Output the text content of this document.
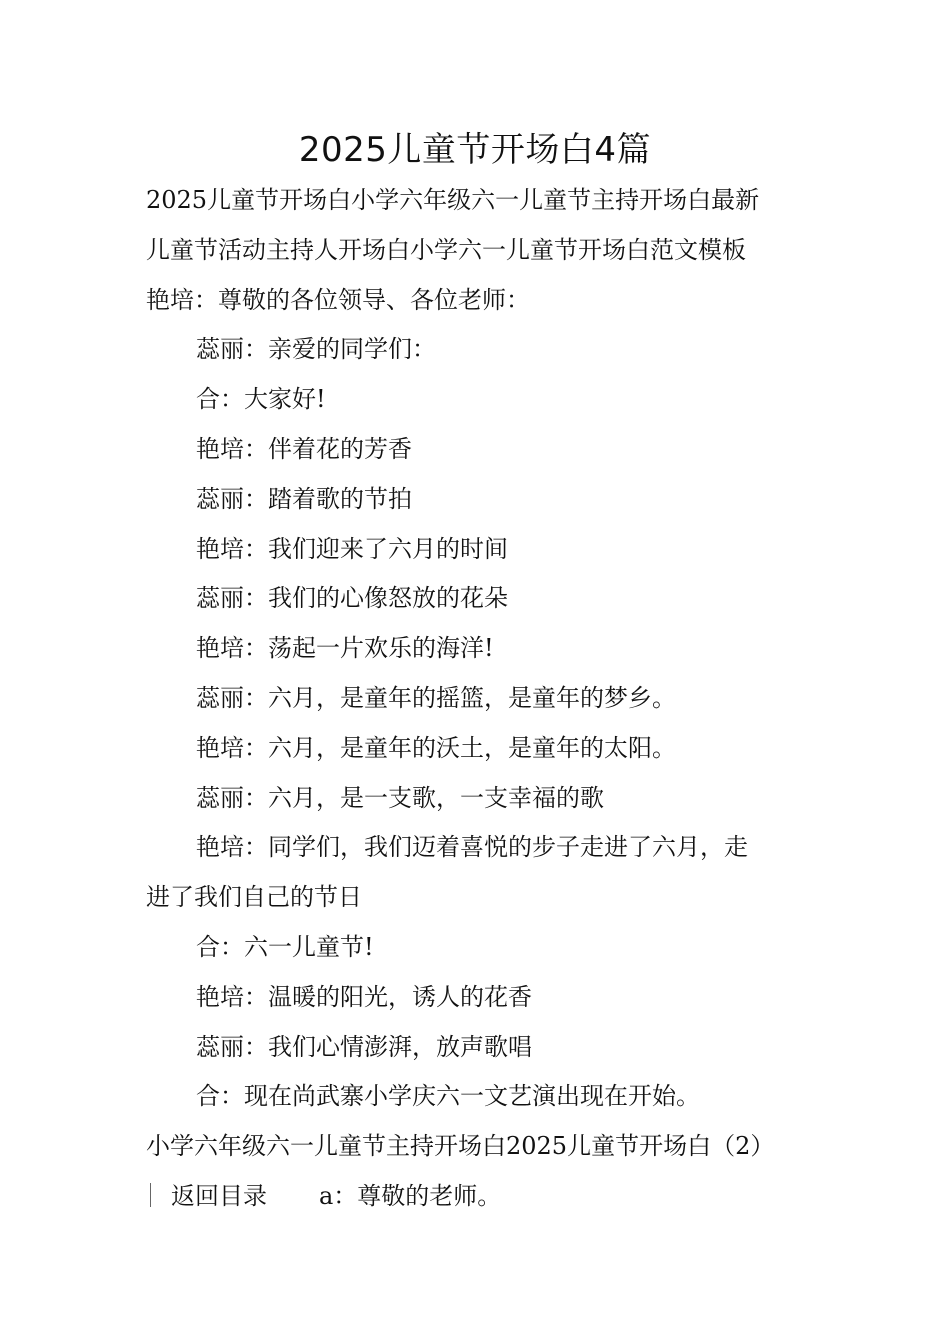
2025儿童节开场白4篇
2025儿童节开场白小学六年级六一儿童节主持开场白最新
儿童节活动主持人开场白小学六一儿童节开场白范文模板
艳培：尊敬的各位领导、各位老师：
蕊丽：亲爱的同学们：
合：大家好!
艳培：伴着花的芳香
蕊丽：踏着歌的节拍
艳培：我们迎来了六月的时间
蕊丽：我们的心像怒放的花朵
艳培：荡起一片欢乐的海洋!
蕊丽：六月，是童年的摇篮，是童年的梦乡。
艳培：六月，是童年的沃土，是童年的太阳。
蕊丽：六月，是一支歌，一支幸福的歌
艳培：同学们，我们迈着喜悦的步子走进了六月，走
进了我们自己的节日
合：六一儿童节!
艳培：温暖的阳光，诱人的花香
蕊丽：我们心情澎湃，放声歌唱
合：现在尚武寨小学庆六一文艺演出现在开始。
小学六年级六一儿童节主持开场白2025儿童节开场白（2）
返回目录 a：尊敬的老师。
